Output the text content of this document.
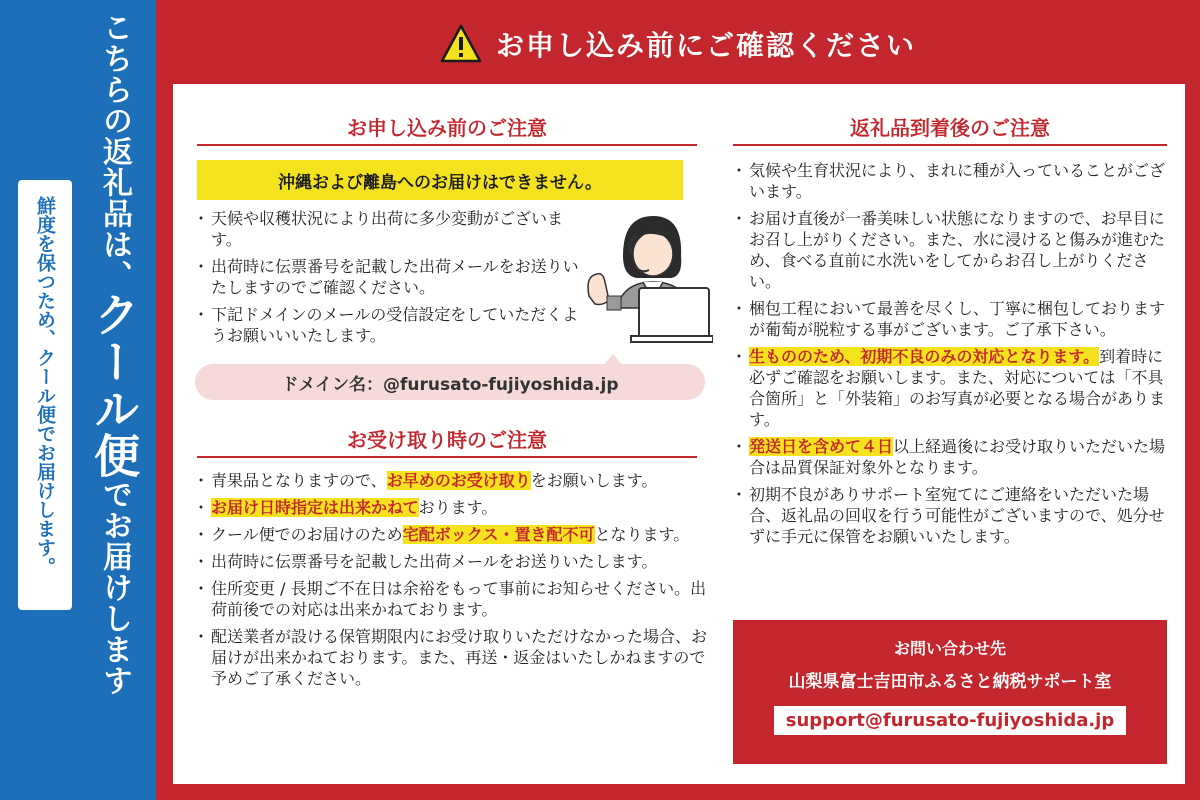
こちらの返礼品は、クール便でお届けします
鮮度を保つため、クール便でお届けします。
お申し込み前にご確認ください
お申し込み前のご注意
沖縄および離島へのお届けはできません。
・ 天候や収穫状況により出荷に多少変動がございます。
・ 出荷時に伝票番号を記載した出荷メールをお送りいたしますのでご確認ください。
・ 下記ドメインのメールの受信設定をしていただくようお願いいいたします。
ドメイン名：@furusato-fujiyoshida.jp
お受け取り時のご注意
・ 青果品となりますので、お早めのお受け取りをお願いします。
・ お届け日時指定は出来かねております。
・ クール便でのお届けのため宅配ボックス・置き配不可となります。
・ 出荷時に伝票番号を記載した出荷メールをお送りいたします。
・ 住所変更 / 長期ご不在日は余裕をもって事前にお知らせください。出荷前後での対応は出来かねております。
・ 配送業者が設ける保管期限内にお受け取りいただけなかった場合、お届けが出来かねております。また、再送・返金はいたしかねますので予めご了承ください。
返礼品到着後のご注意
・ 気候や生育状況により、まれに種が入っていることがございます。
・ お届け直後が一番美味しい状態になりますので、お早目にお召し上がりください。また、水に浸けると傷みが進むため、食べる直前に水洗いをしてからお召し上がりください。
・ 梱包工程において最善を尽くし、丁寧に梱包しておりますが葡萄が脱粒する事がございます。ご了承下さい。
・ 生もののため、初期不良のみの対応となります。到着時に必ずご確認をお願いします。また、対応については「不具合箇所」と「外装箱」のお写真が必要となる場合があります。
・ 発送日を含めて４日以上経過後にお受け取りいただいた場合は品質保証対象外となります。
・ 初期不良がありサポート室宛てにご連絡をいただいた場合、返礼品の回収を行う可能性がございますので、処分せずに手元に保管をお願いいたします。
お問い合わせ先
山梨県富士吉田市ふるさと納税サポート室
support@furusato-fujiyoshida.jp
